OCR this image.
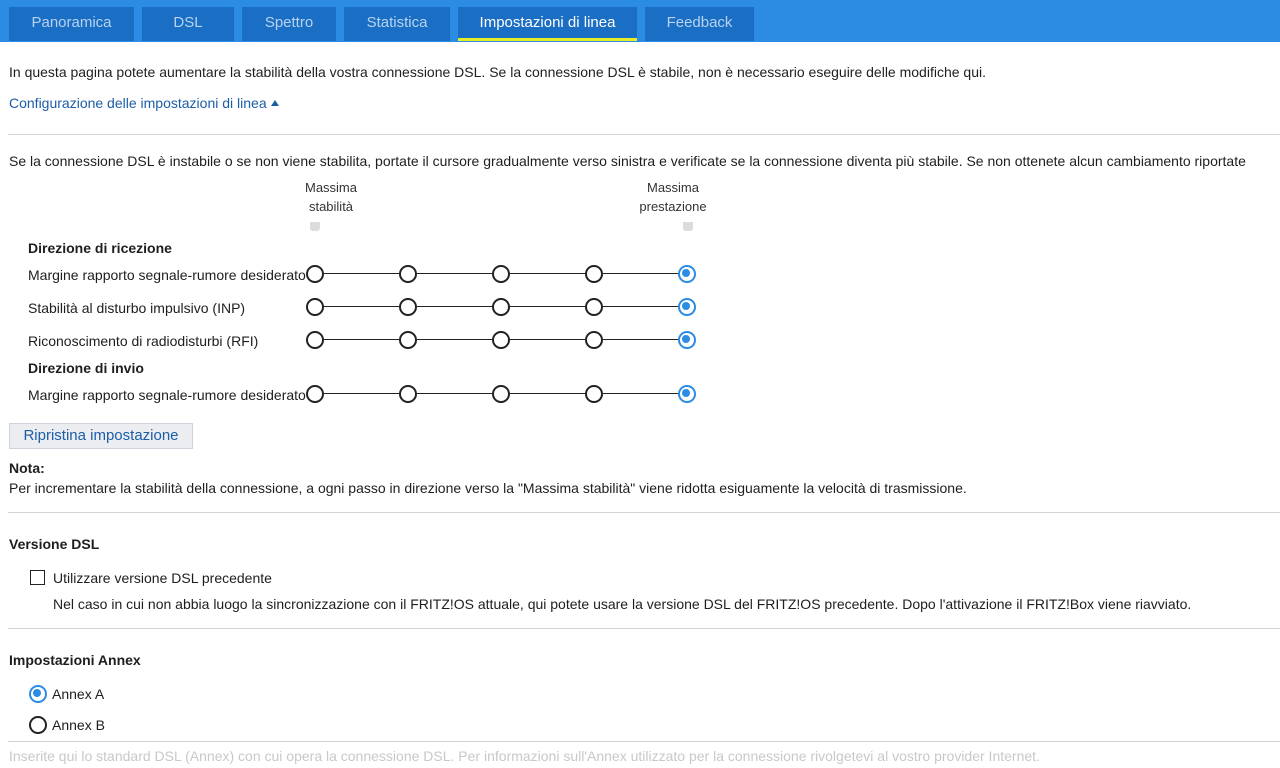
Panoramica	DSL	Spettro	Statistica	Impostazioni di linea	Feedback
In questa pagina potete aumentare la stabilità della vostra connessione DSL. Se la connessione DSL è stabile, non è necessario eseguire delle modifiche qui.
Configurazione delle impostazioni di linea
Se la connessione DSL è instabile o se non viene stabilita, portate il cursore gradualmente verso sinistra e verificate se la connessione diventa più stabile. Se non ottenete alcun cambiamento riportate
Massima
stabilità
Massima
prestazione
Direzione di ricezione
Margine rapporto segnale-rumore desiderato
Stabilità al disturbo impulsivo (INP)
Riconoscimento di radiodisturbi (RFI)
Direzione di invio
Margine rapporto segnale-rumore desiderato
Ripristina impostazione
Nota:
Per incrementare la stabilità della connessione, a ogni passo in direzione verso la "Massima stabilità" viene ridotta esiguamente la velocità di trasmissione.
Versione DSL
Utilizzare versione DSL precedente
Nel caso in cui non abbia luogo la sincronizzazione con il FRITZ!OS attuale, qui potete usare la versione DSL del FRITZ!OS precedente. Dopo l'attivazione il FRITZ!Box viene riavviato.
Impostazioni Annex
Annex A
Annex B
Inserite qui lo standard DSL (Annex) con cui opera la connessione DSL. Per informazioni sull'Annex utilizzato per la connessione rivolgetevi al vostro provider Internet.
